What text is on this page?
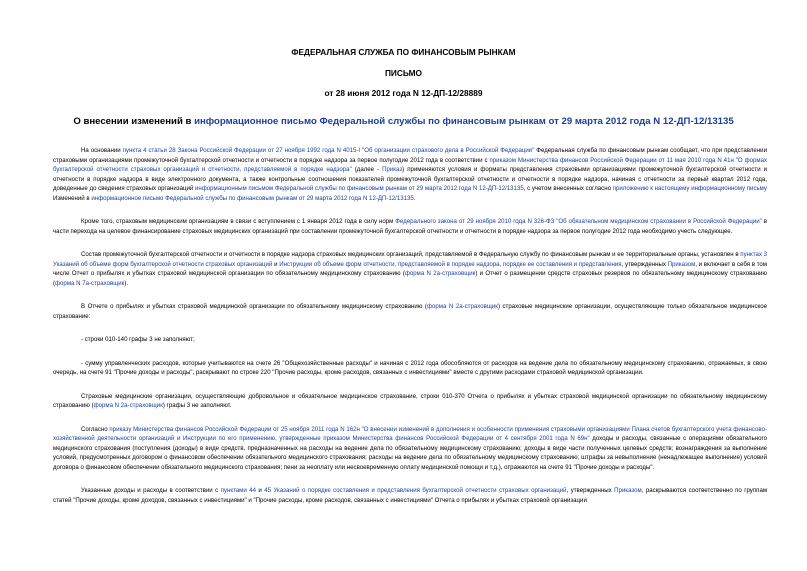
ФЕДЕРАЛЬНАЯ СЛУЖБА ПО ФИНАНСОВЫМ РЫНКАМ
ПИСЬМО
от 28 июня 2012 года N 12-ДП-12/28889
О внесении изменений в информационное письмо Федеральной службы по финансовым рынкам от 29 марта 2012 года N 12-ДП-12/13135

На основании пункта 4 статьи 28 Закона Российской Федерации от 27 ноября 1992 года N 4015-I "Об организации страхового дела в Российской Федерации" Федеральная служба по финансовым рынкам сообщает, что при представлении страховыми организациями промежуточной бухгалтерской отчетности и отчетности в порядке надзора за первое полугодие 2012 года в соответствии с приказом Министерства финансов Российской Федерации от 11 мая 2010 года N 41н "О формах бухгалтерской отчетности страховых организаций и отчетности, представляемой в порядке надзора" (далее - Приказ) применяются условия и форматы представления страховыми организациями промежуточной бухгалтерской отчетности и отчетности в порядке надзора в виде электронного документа, а также контрольные соотношения показателей промежуточной бухгалтерской отчетности и отчетности в порядке надзора, начиная с отчетности за первый квартал 2012 года, доведенные до сведения страховых организаций информационным письмом Федеральной службы по финансовым рынкам от 29 марта 2012 года N 12-ДП-12/13135, с учетом внесенных согласно приложению к настоящему информационному письму Изменений в информационное письмо Федеральной службы по финансовым рынкам от 29 марта 2012 года N 12-ДП-12/13135.

Кроме того, страховым медицинским организациям в связи с вступлением с 1 января 2012 года в силу норм Федерального закона от 29 ноября 2010 года N 326-ФЗ "Об обязательном медицинском страховании в Российской Федерации" в части перехода на целевое финансирование страховых медицинских организаций при составлении промежуточной бухгалтерской отчетности и отчетности в порядке надзора за первое полугодие 2012 года необходимо учесть следующее.

Состав промежуточной бухгалтерской отчетности и отчетности в порядке надзора страховых медицинских организаций, представляемой в Федеральную службу по финансовым рынкам и ее территориальные органы, установлен в пунктах 3 Указаний об объеме форм бухгалтерской отчетности страховых организаций и Инструкции об объеме форм отчетности, представляемой в порядке надзора, порядке ее составления и представления, утвержденных Приказом, и включает в себя в том числе Отчет о прибылях и убытках страховой медицинской организации по обязательному медицинскому страхованию (форма N 2а-страховщик) и Отчет о размещении средств страховых резервов по обязательному медицинскому страхованию (форма N 7а-страховщик).

В Отчете о прибылях и убытках страховой медицинской организации по обязательному медицинскому страхованию (форма N 2а-страховщик) страховые медицинские организации, осуществляющие только обязательное медицинское страхование:

- строки 010-140 графы 3 не заполняют;

- сумму управленческих расходов, которые учитываются на счете 26 "Общехозяйственные расходы" и начиная с 2012 года обособляются от расходов на ведение дела по обязательному медицинскому страхованию, отражаемых, в свою очередь, на счете 91 "Прочие доходы и расходы", раскрывают по строке 220 "Прочие расходы, кроме расходов, связанных с инвестициями" вместе с другими расходами страховой медицинской организации.

Страховые медицинские организации, осуществляющие добровольное и обязательное медицинское страхование, строки 010-370 Отчета о прибылях и убытках страховой медицинской организации по обязательному медицинскому страхованию (форма N 2а-страховщик) графы 3 не заполняют.

Согласно приказу Министерства финансов Российской Федерации от 25 ноября 2011 года N 162н "О внесении изменений в дополнения и особенности применения страховыми организациями Плана счетов бухгалтерского учета финансово-хозяйственной деятельности организаций и Инструкции по его применению, утвержденные приказом Министерства финансов Российской Федерации от 4 сентября 2001 года N 69н" доходы и расходы, связанные с операциями обязательного медицинского страхования (поступления (доходы) в виде средств, предназначенных на расходы на ведение дела по обязательному медицинскому страхованию; доходы в виде части полученных целевых средств; вознаграждения за выполнение условий, предусмотренных договором о финансовом обеспечении обязательного медицинского страхования; расходы на ведение дела по обязательному медицинскому страхованию; штрафы за невыполнение (ненадлежащее выполнение) условий договора о финансовом обеспечении обязательного медицинского страхования; пени за неоплату или несвоевременную оплату медицинской помощи и т.д.), отражаются на счете 91 "Прочие доходы и расходы".

Указанные доходы и расходы в соответствии с пунктами 44 и 45 Указаний о порядке составления и представления бухгалтерской отчетности страховых организаций, утвержденных Приказом, раскрываются соответственно по группам статей "Прочие доходы, кроме доходов, связанных с инвестициями" и "Прочие расходы, кроме расходов, связанных с инвестициями" Отчета о прибылях и убытках страховой организации
